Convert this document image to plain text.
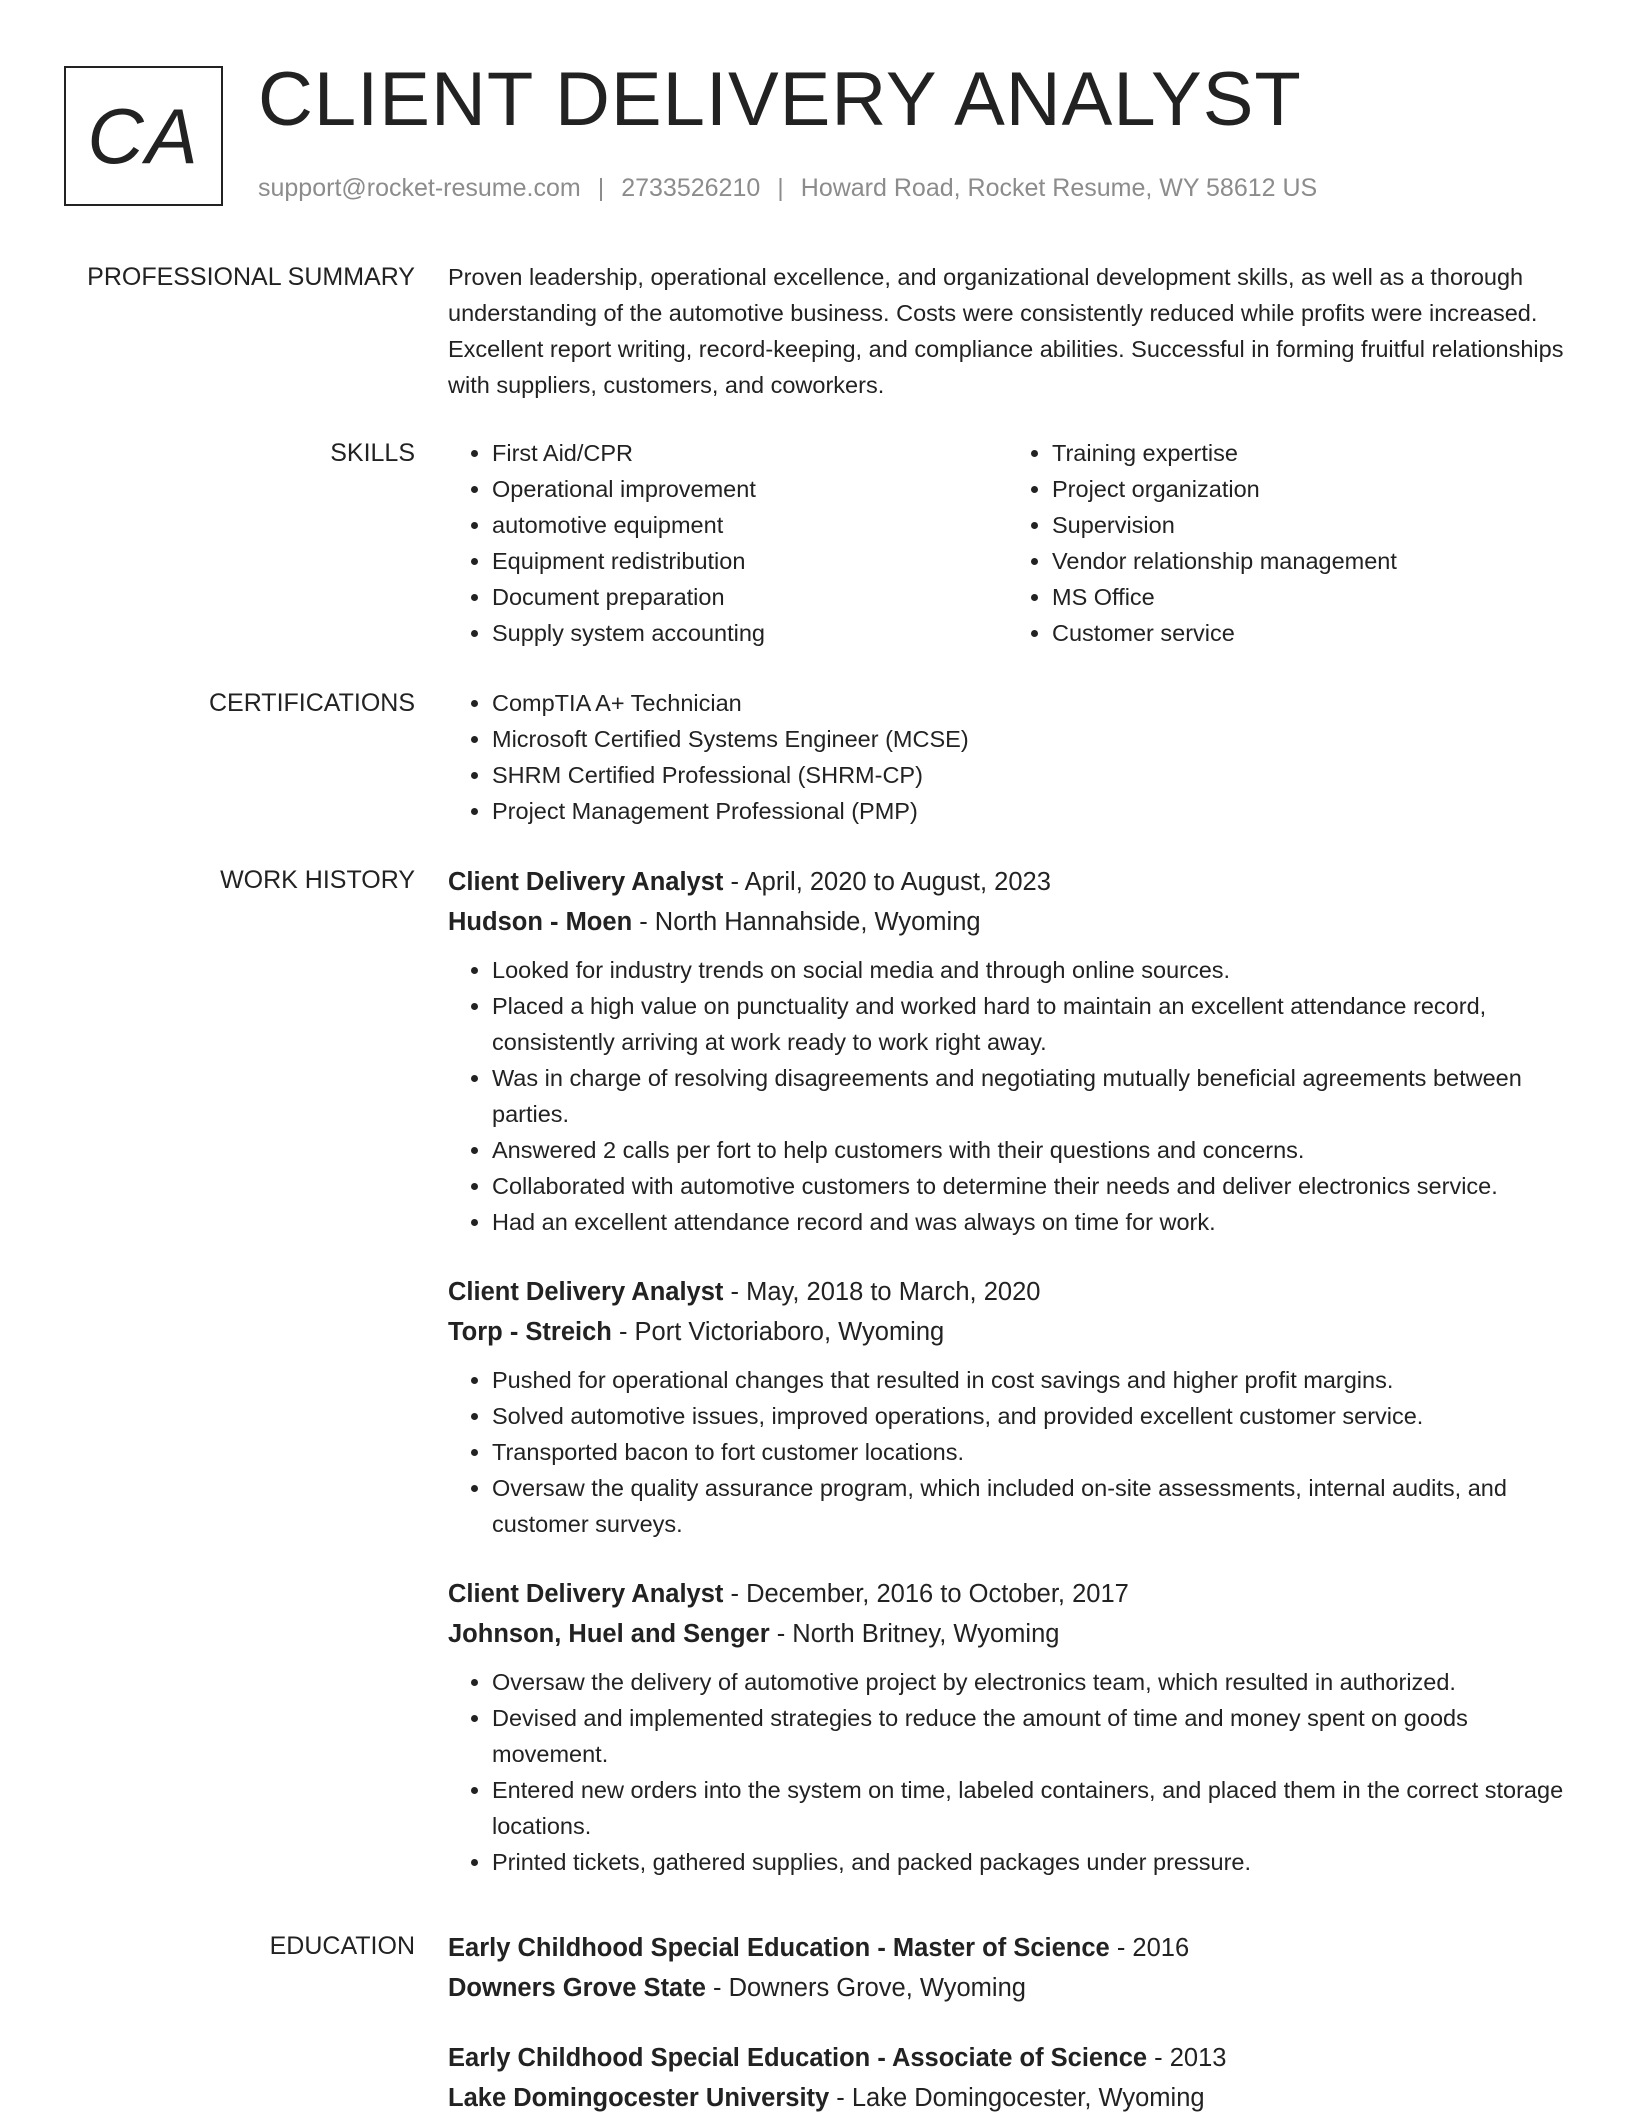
CA CLIENT DELIVERY ANALYST
support@rocket-resume.com | 2733526210 | Howard Road, Rocket Resume, WY 58612 US
PROFESSIONAL SUMMARY Proven leadership, operational excellence, and organizational development skills, as well as a thorough understanding of the automotive business. Costs were consistently reduced while profits were increased. Excellent report writing, record-keeping, and compliance abilities. Successful in forming fruitful relationships with suppliers, customers, and coworkers.
SKILLS	• First Aid/CPR
• Operational improvement
• automotive equipment
• Equipment redistribution
• Document preparation
• Supply system accounting
• Training expertise
• Project organization
• Supervision
• Vendor relationship management
• MS Office
• Customer service
CERTIFICATIONS	• CompTIA A+ Technician
• Microsoft Certified Systems Engineer (MCSE)
• SHRM Certified Professional (SHRM-CP)
• Project Management Professional (PMP)
WORK HISTORY Client Delivery Analyst - April, 2020 to August, 2023
Hudson - Moen - North Hannahside, Wyoming
• Looked for industry trends on social media and through online sources.
• Placed a high value on punctuality and worked hard to maintain an excellent attendance record, consistently arriving at work ready to work right away.
• Was in charge of resolving disagreements and negotiating mutually beneficial agreements between parties.
• Answered 2 calls per fort to help customers with their questions and concerns.
• Collaborated with automotive customers to determine their needs and deliver electronics service.
• Had an excellent attendance record and was always on time for work.
Client Delivery Analyst - May, 2018 to March, 2020
Torp - Streich - Port Victoriaboro, Wyoming
• Pushed for operational changes that resulted in cost savings and higher profit margins.
• Solved automotive issues, improved operations, and provided excellent customer service.
• Transported bacon to fort customer locations.
• Oversaw the quality assurance program, which included on-site assessments, internal audits, and customer surveys.
Client Delivery Analyst - December, 2016 to October, 2017
Johnson, Huel and Senger - North Britney, Wyoming
• Oversaw the delivery of automotive project by electronics team, which resulted in authorized.
• Devised and implemented strategies to reduce the amount of time and money spent on goods movement.
• Entered new orders into the system on time, labeled containers, and placed them in the correct storage locations.
• Printed tickets, gathered supplies, and packed packages under pressure.
EDUCATION Early Childhood Special Education - Master of Science - 2016
Downers Grove State - Downers Grove, Wyoming
Early Childhood Special Education - Associate of Science - 2013
Lake Domingocester University - Lake Domingocester, Wyoming
